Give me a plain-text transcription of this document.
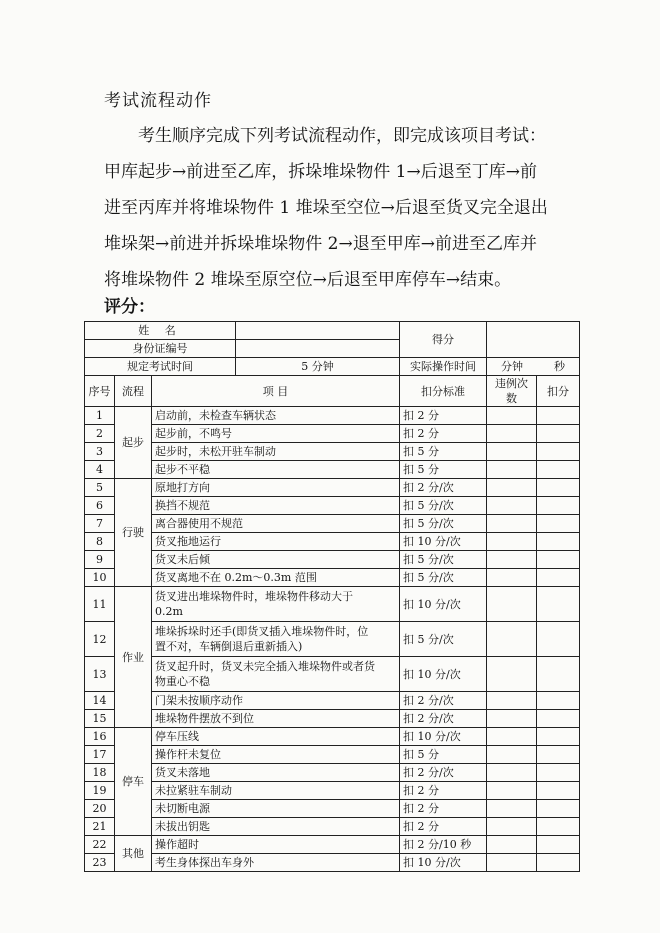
考试流程动作
考生顺序完成下列考试流程动作，即完成该项目考试：
甲库起步→前进至乙库，拆垛堆垛物件 1→后退至丁库→前
进至丙库并将堆垛物件 1 堆垛至空位→后退至货叉完全退出
堆垛架→前进并拆垛堆垛物件 2→退至甲库→前进至乙库并
将堆垛物件 2 堆垛至原空位→后退至甲库停车→结束。
评分：
姓 名				得分		
身份证编号						
规定考试时间			5 分钟	实际操作时间	分钟 秒	
序号	流程	项 目		扣分标准	违例次数	扣分
1	起步	启动前，未检查车辆状态		扣 2 分		
2		起步前，不鸣号		扣 2 分		
3		起步时，未松开驻车制动		扣 5 分		
4		起步不平稳		扣 5 分		
5	行驶	原地打方向		扣 2 分/次		
6		换挡不规范		扣 5 分/次		
7		离合器使用不规范		扣 5 分/次		
8		货叉拖地运行		扣 10 分/次		
9		货叉未后倾		扣 5 分/次		
10		货叉离地不在 0.2m～0.3m 范围		扣 5 分/次		
11	作业	货叉进出堆垛物件时，堆垛物件移动大于
0.2m		扣 10 分/次		
12		堆垛拆垛时还手(即货叉插入堆垛物件时，位
置不对，车辆倒退后重新插入)		扣 5 分/次		
13		货叉起升时，货叉未完全插入堆垛物件或者货
物重心不稳		扣 10 分/次		
14		门架未按顺序动作		扣 2 分/次		
15		堆垛物件摆放不到位		扣 2 分/次		
16	停车	停车压线		扣 10 分/次		
17		操作杆未复位		扣 5 分		
18		货叉未落地		扣 2 分/次		
19		未拉紧驻车制动		扣 2 分		
20		未切断电源		扣 2 分		
21		未拔出钥匙		扣 2 分		
22	其他	操作超时		扣 2 分/10 秒		
23		考生身体探出车身外		扣 10 分/次		
